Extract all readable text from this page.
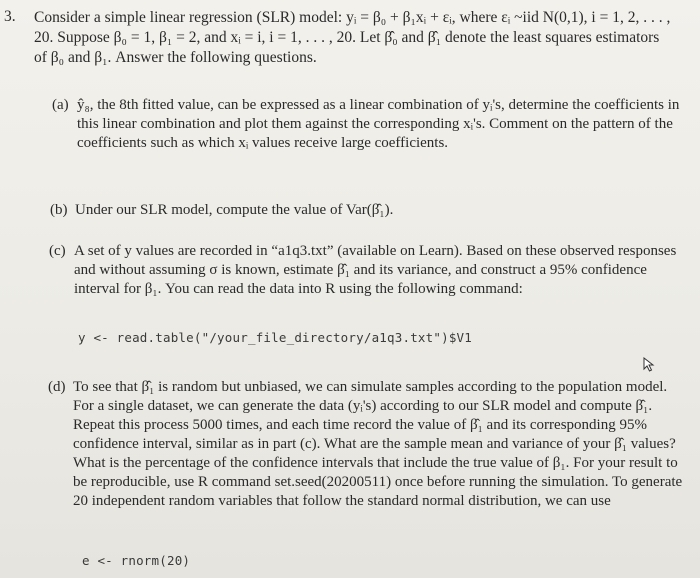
3. Consider a simple linear regression (SLR) model: yᵢ = β₀ + β₁xᵢ + εᵢ, where εᵢ ~iid N(0,1), i = 1, 2, . . . , 20. Suppose β₀ = 1, β₁ = 2, and xᵢ = i, i = 1, . . . , 20. Let β̂₀ and β̂₁ denote the least squares estimators of β₀ and β₁. Answer the following questions.
(a) ŷ₈, the 8th fitted value, can be expressed as a linear combination of yᵢ's, determine the coefficients in this linear combination and plot them against the corresponding xᵢ's. Comment on the pattern of the coefficients such as which xᵢ values receive large coefficients.
(b) Under our SLR model, compute the value of Var(β̂₁).
(c) A set of y values are recorded in “a1q3.txt” (available on Learn). Based on these observed responses and without assuming σ is known, estimate β̂₁ and its variance, and construct a 95% confidence interval for β₁. You can read the data into R using the following command:
y <- read.table("/your_file_directory/a1q3.txt")$V1
(d) To see that β̂₁ is random but unbiased, we can simulate samples according to the population model. For a single dataset, we can generate the data (yᵢ's) according to our SLR model and compute β̂₁. Repeat this process 5000 times, and each time record the value of β̂₁ and its corresponding 95% confidence interval, similar as in part (c). What are the sample mean and variance of your β̂₁ values? What is the percentage of the confidence intervals that include the true value of β₁. For your result to be reproducible, use R command set.seed(20200511) once before running the simulation. To generate 20 independent random variables that follow the standard normal distribution, we can use
e <- rnorm(20)
